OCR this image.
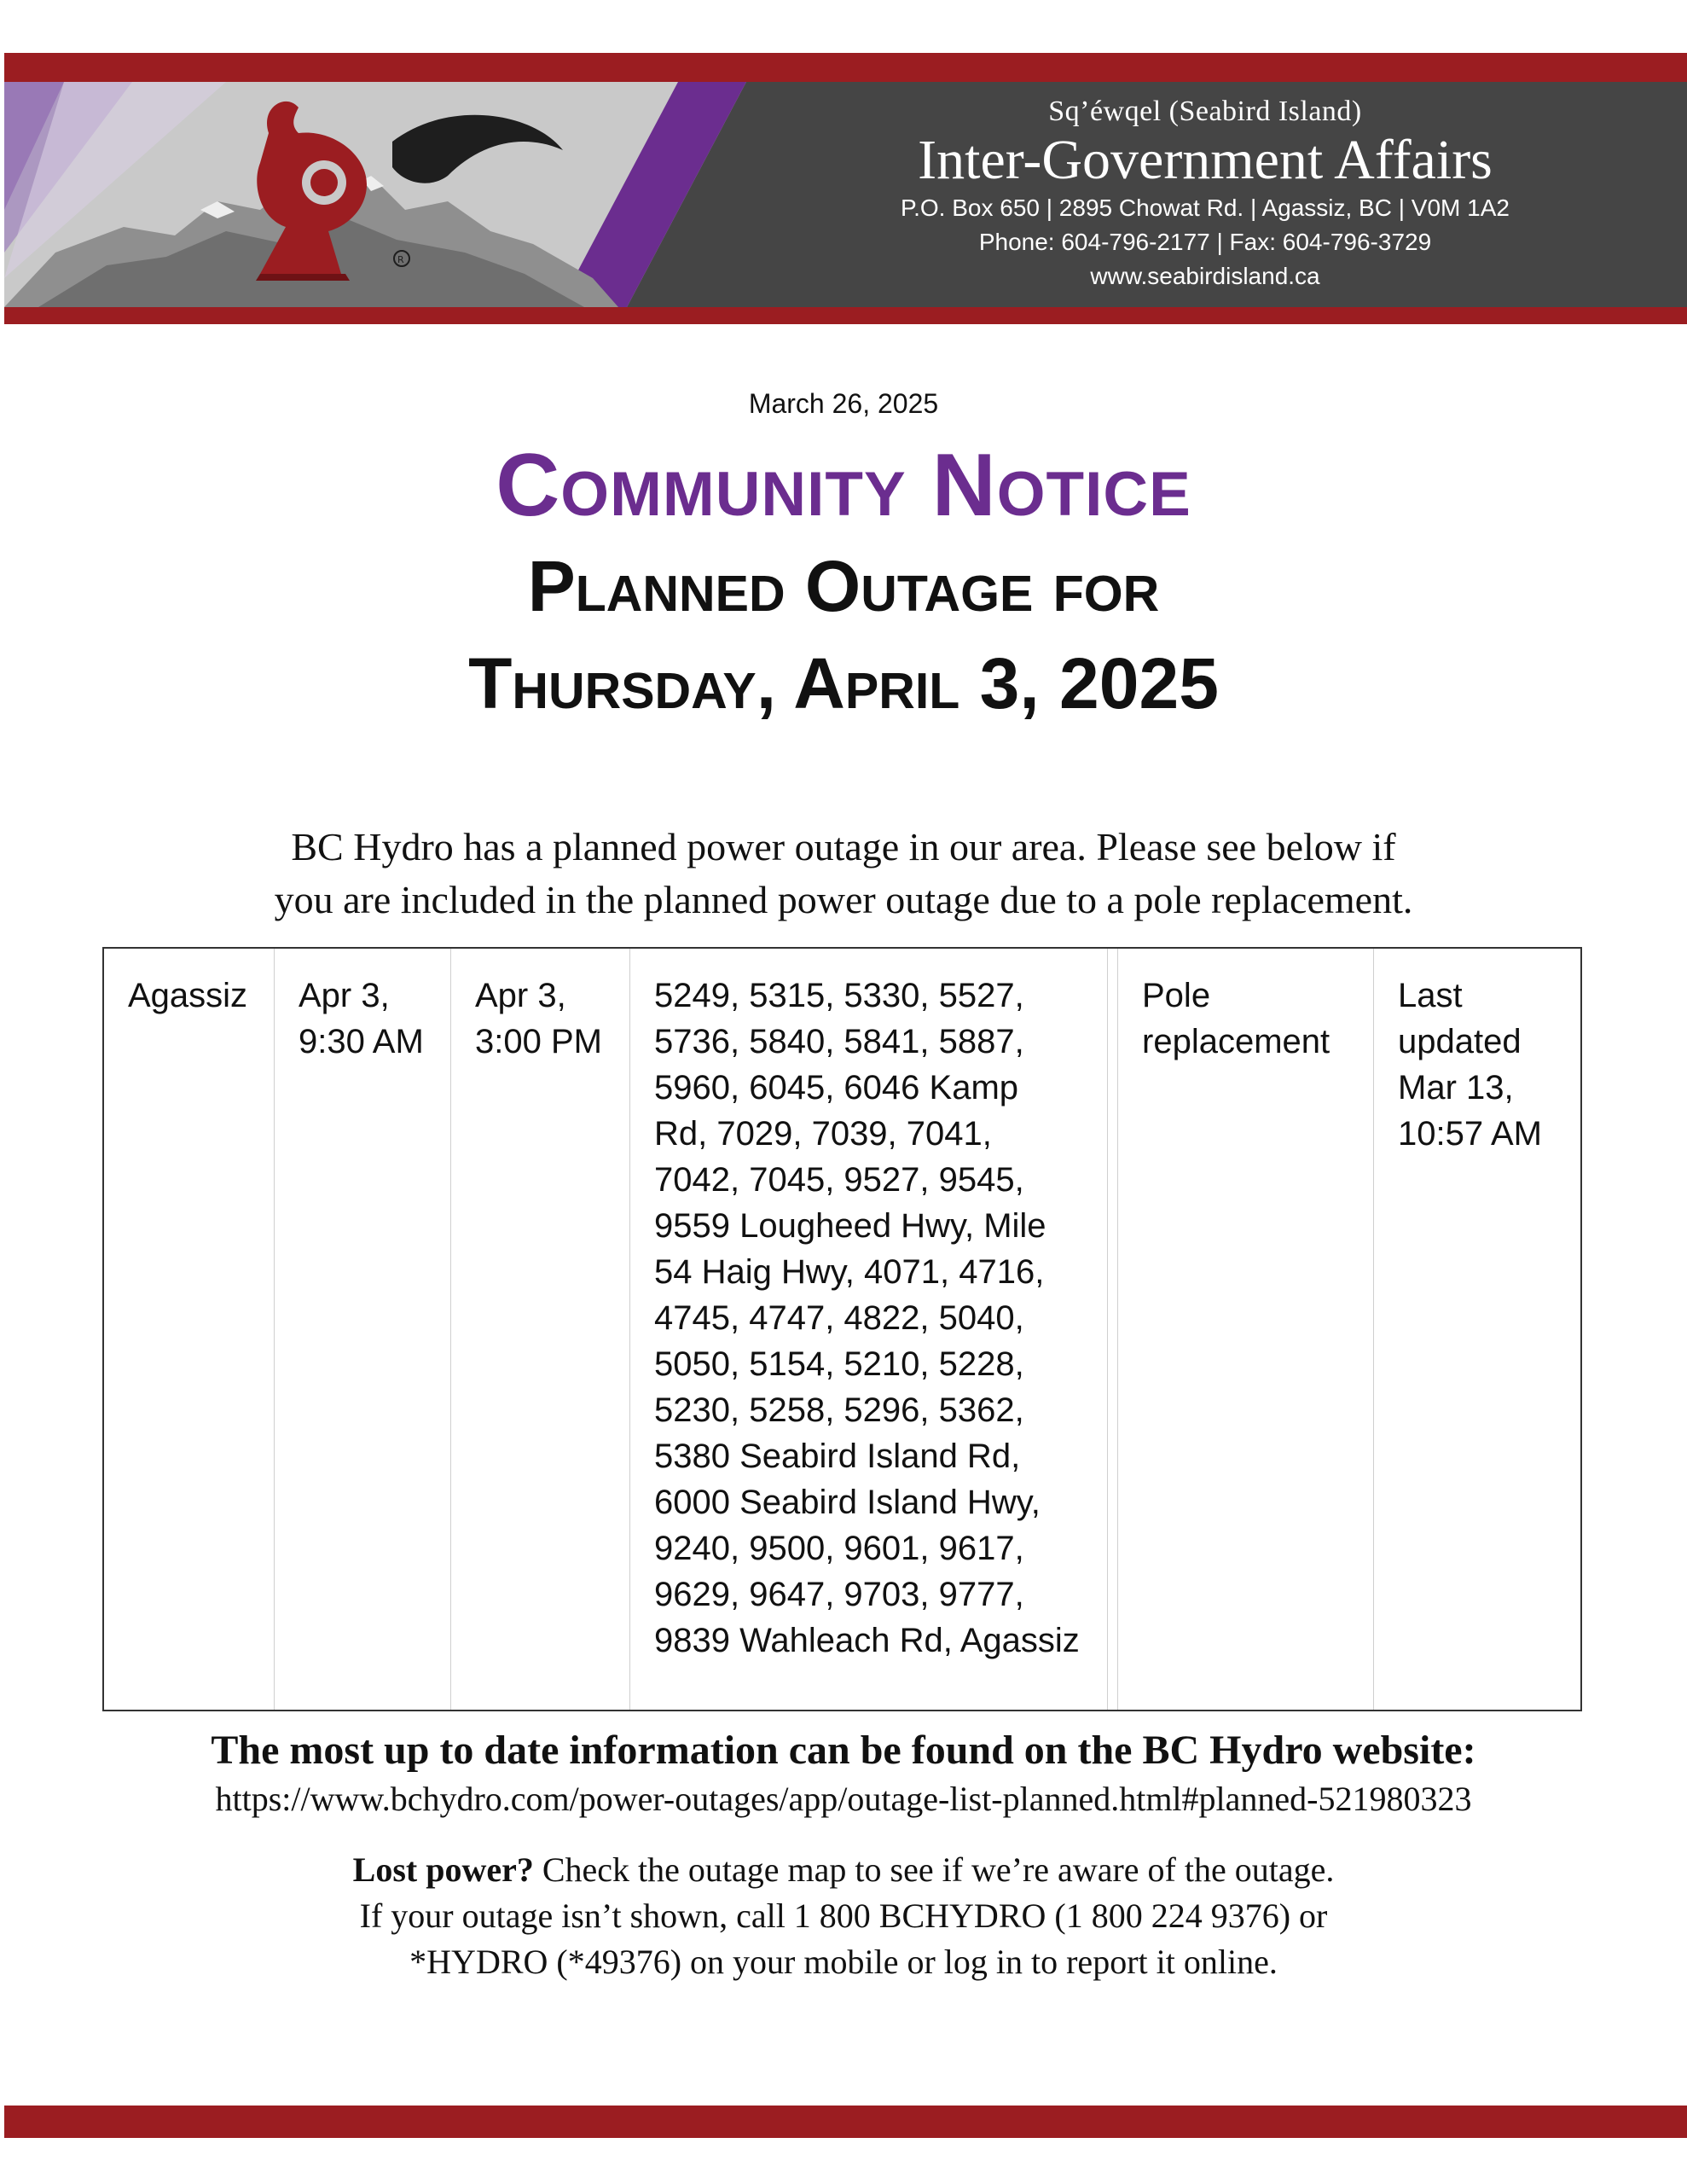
R
Sq’éwqel (Seabird Island)
Inter-Government Affairs
P.O. Box 650 | 2895 Chowat Rd. | Agassiz, BC | V0M 1A2
Phone: 604-796-2177 | Fax: 604-796-3729
www.seabirdisland.ca
March 26, 2025
Community Notice
Planned Outage for
Thursday, April 3, 2025
BC Hydro has a planned power outage in our area. Please see below if
you are included in the planned power outage due to a pole replacement.
Agassiz	Apr 3,
9:30 AM
Apr 3,
3:00 PM
5249, 5315, 5330, 5527,
5736, 5840, 5841, 5887,
5960, 6045, 6046 Kamp
Rd, 7029, 7039, 7041,
7042, 7045, 9527, 9545,
9559 Lougheed Hwy, Mile
54 Haig Hwy, 4071, 4716,
4745, 4747, 4822, 5040,
5050, 5154, 5210, 5228,
5230, 5258, 5296, 5362,
5380 Seabird Island Rd,
6000 Seabird Island Hwy,
9240, 9500, 9601, 9617,
9629, 9647, 9703, 9777,
9839 Wahleach Rd, Agassiz
Pole
replacement
Last
updated
Mar 13,
10:57 AM
The most up to date information can be found on the BC Hydro website:
https://www.bchydro.com/power-outages/app/outage-list-planned.html#planned-521980323
Lost power? Check the outage map to see if we’re aware of the outage.
If your outage isn’t shown, call 1 800 BCHYDRO (1 800 224 9376) or
*HYDRO (*49376) on your mobile or log in to report it online.
